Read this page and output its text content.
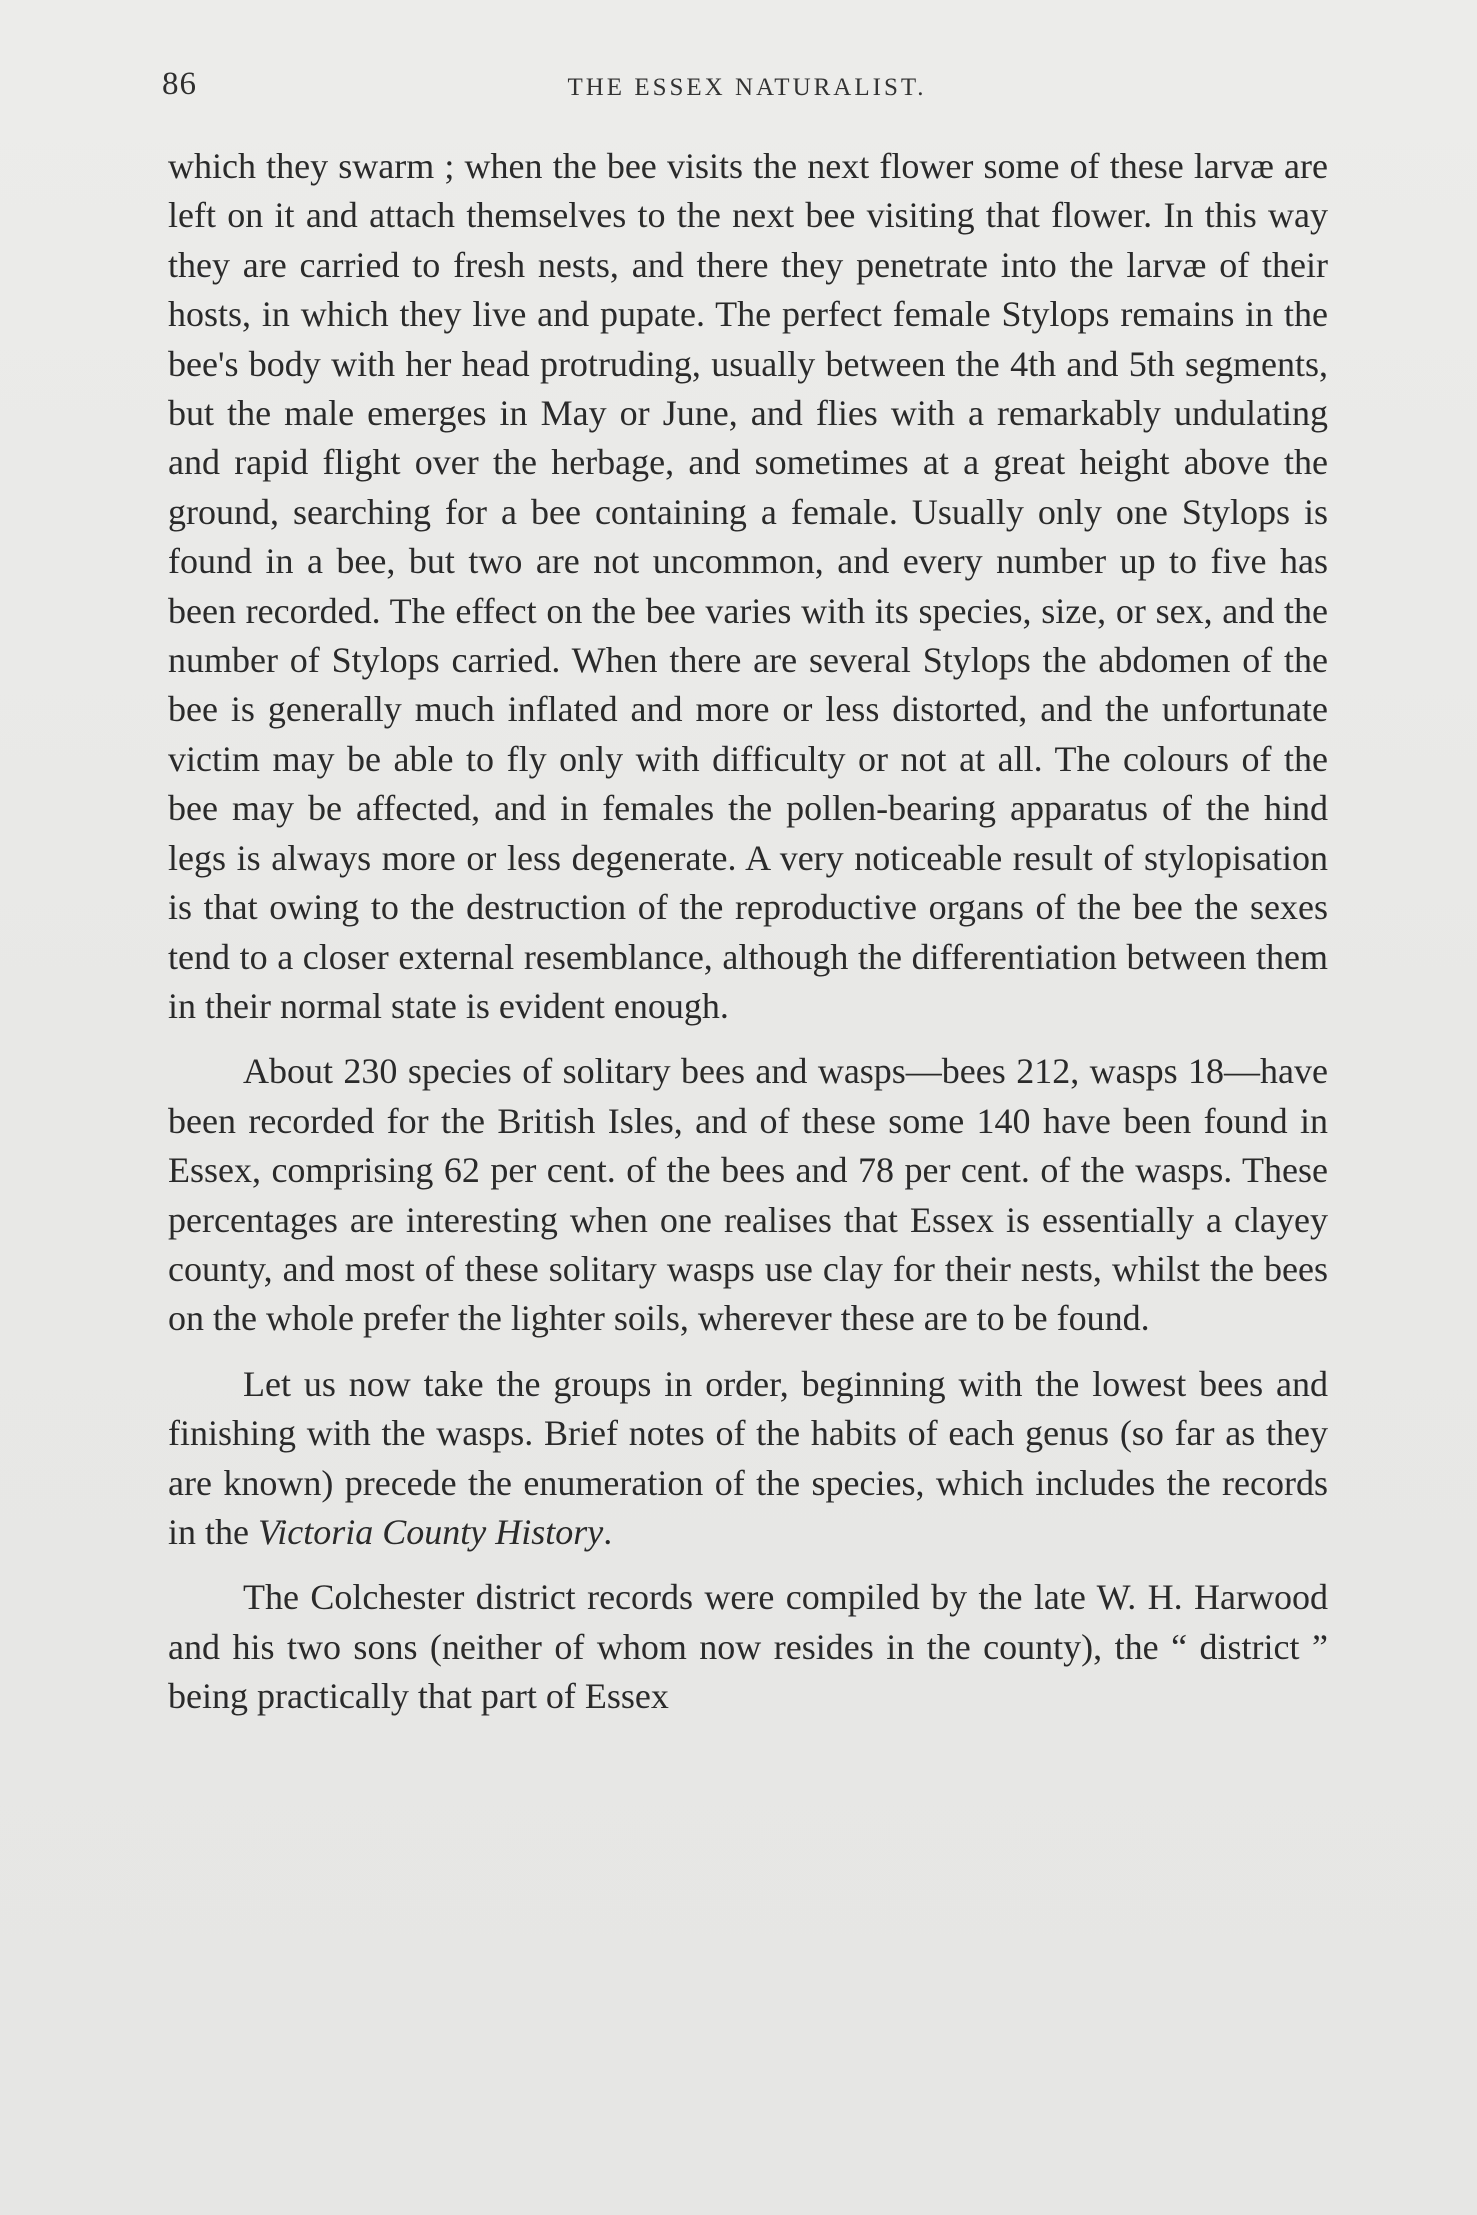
86	THE ESSEX NATURALIST.

which they swarm ; when the bee visits the next flower some of these larvæ are left on it and attach themselves to the next bee visiting that flower. In this way they are carried to fresh nests, and there they penetrate into the larvæ of their hosts, in which they live and pupate. The perfect female Stylops remains in the bee's body with her head protruding, usually between the 4th and 5th segments, but the male emerges in May or June, and flies with a remarkably undulating and rapid flight over the herbage, and sometimes at a great height above the ground, searching for a bee containing a female. Usually only one Stylops is found in a bee, but two are not uncommon, and every number up to five has been recorded. The effect on the bee varies with its species, size, or sex, and the number of Stylops carried. When there are several Stylops the abdomen of the bee is generally much inflated and more or less distorted, and the unfortunate victim may be able to fly only with difficulty or not at all. The colours of the bee may be affected, and in females the pollen-bearing apparatus of the hind legs is always more or less degenerate. A very noticeable result of stylopisation is that owing to the destruction of the reproductive organs of the bee the sexes tend to a closer external resemblance, although the differentiation between them in their normal state is evident enough.

About 230 species of solitary bees and wasps—bees 212, wasps 18—have been recorded for the British Isles, and of these some 140 have been found in Essex, comprising 62 per cent. of the bees and 78 per cent. of the wasps. These percentages are interesting when one realises that Essex is essentially a clayey county, and most of these solitary wasps use clay for their nests, whilst the bees on the whole prefer the lighter soils, wherever these are to be found.

Let us now take the groups in order, beginning with the lowest bees and finishing with the wasps. Brief notes of the habits of each genus (so far as they are known) precede the enumeration of the species, which includes the records in the Victoria County History.

The Colchester district records were compiled by the late W. H. Harwood and his two sons (neither of whom now resides in the county), the “ district ” being practically that part of Essex
